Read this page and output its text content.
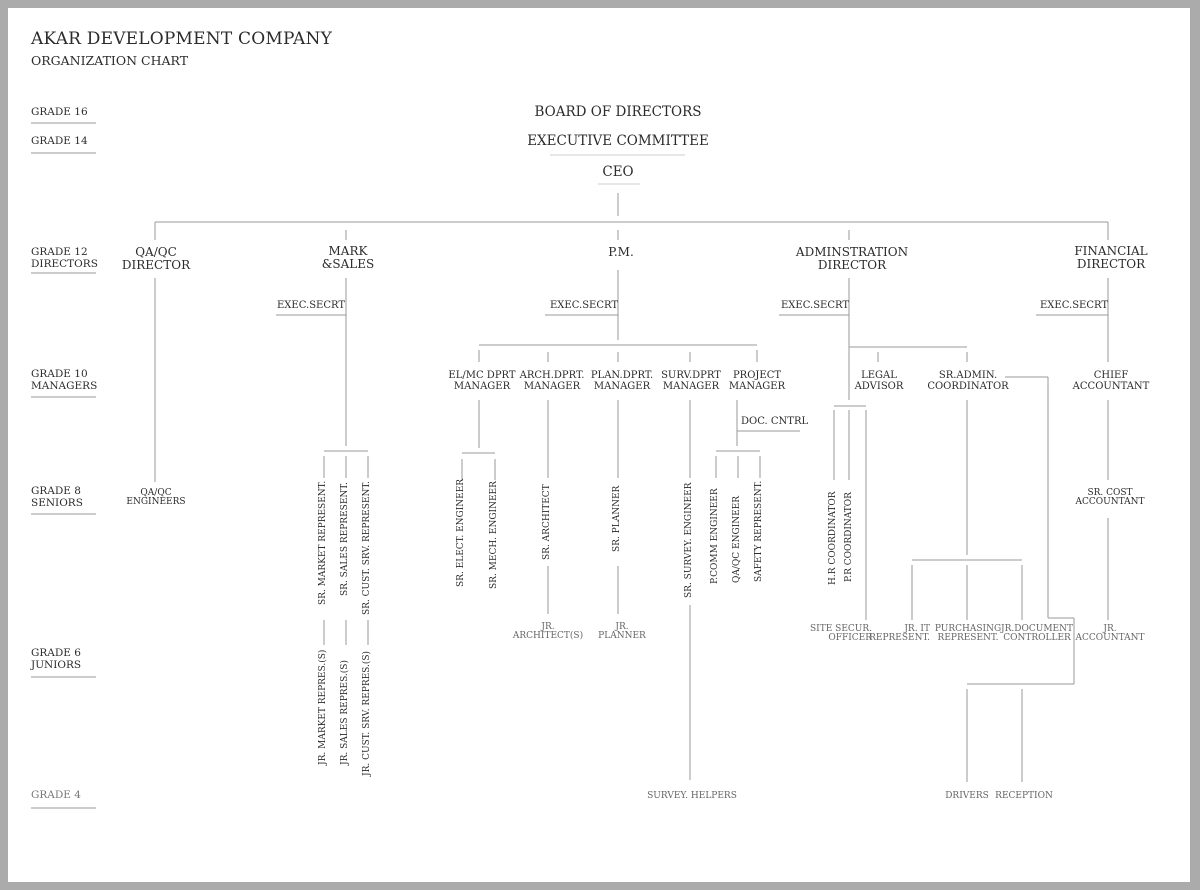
AKAR DEVELOPMENT COMPANY
ORGANIZATION CHART
GRADE 16
GRADE 14
GRADE 12
DIRECTORS
GRADE 10
MANAGERS
GRADE 8
SENIORS
GRADE 6
JUNIORS
GRADE 4
BOARD OF DIRECTORS
EXECUTIVE COMMITTEE
CEO
QA/QC
DIRECTOR
MARK
&SALES
P.M.	ADMINSTRATION
DIRECTOR
FINANCIAL
DIRECTOR
EXEC.SECRT	EXEC.SECRT	EXEC.SECRT	EXEC.SECRT
EL/MC DPRT
MANAGER
ARCH.DPRT.
MANAGER
PLAN.DPRT.
MANAGER
SURV.DPRT
MANAGER
PROJECT
MANAGER
LEGAL
ADVISOR
SR.ADMIN.
COORDINATOR
CHIEF
ACCOUNTANT
DOC. CNTRL
QA/QC
ENGINEERS
SR. COST
ACCOUNTANT
SR. MARKET REPRESENT. SR. SALES REPRESENT. SR. CUST. SRV. REPRESENT.	SR. ELECT. ENGINEER	SR. MECH. ENGINEER	SR. ARCHITECT	SR. PLANNER	SR. SURVEY. ENGINEER P.COMM ENGINEER QA/QC ENGINEER SAFETY REPRESENT.	H.R COORDINATOR P.R COORDINATOR
JR. MARKET REPRES.(S) JR. SALES REPRES.(S) JR. CUST. SRV. REPRES.(S)
JR.
ARCHITECT(S)
JR.
PLANNER
SITE SECUR.
OFFICER
JR. IT
REPRESENT.
PURCHASING
REPRESENT.
JR.DOCUMENT
CONTROLLER
JR.
ACCOUNTANT
SURVEY. HELPERS	DRIVERS RECEPTION
